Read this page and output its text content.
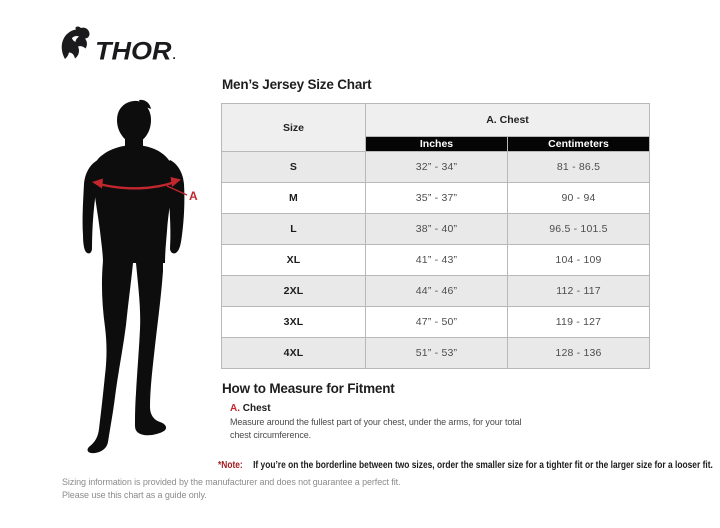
THOR .
A
Men’s Jersey Size Chart
Size	A. Chest	
	Inches	Centimeters
S	32” - 34”	81 - 86.5
M	35” - 37”	90 - 94
L	38” - 40”	96.5 - 101.5
XL	41” - 43”	104 - 109
2XL	44” - 46”	112 - 117
3XL	47” - 50”	119 - 127
4XL	51” - 53”	128 - 136
How to Measure for Fitment
A. Chest
Measure around the fullest part of your chest, under the arms, for your total chest circumference.
*Note: If you’re on the borderline between two sizes, order the smaller size for a tighter fit or the larger size for a looser fit.
Sizing information is provided by the manufacturer and does not guarantee a perfect fit.
Please use this chart as a guide only.
